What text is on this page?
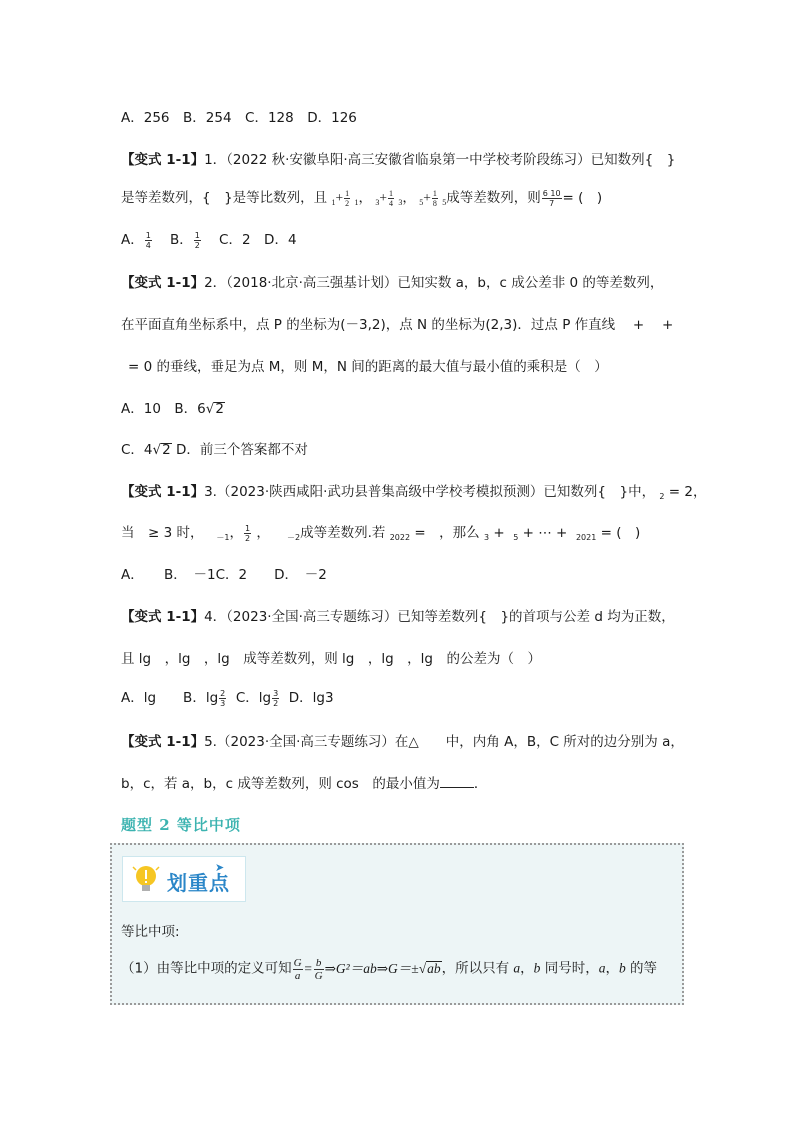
A．256　B．254　C．128　D．126
【变式 1-1】1．（2022 秋·安徽阜阳·高三安徽省临泉第一中学校考阶段练习）已知数列{　}
是等差数列，{　}是等比数列，且 $_1+ \frac{1}{2} _1$， $_3+ \frac{1}{4} _3$， $_5+ \frac{1}{8} _5$成等差数列，则 $\frac{6 10}{7}$ = (　)
A． $\frac{1}{4}$ B． $\frac{1}{2}$ C．2　D．4
【变式 1-1】2．（2018·北京·高三强基计划）已知实数 a，b，c 成公差非 0 的等差数列，
在平面直角坐标系中，点 P 的坐标为(－3,2)，点 N 的坐标为(2,3)．过点 P 作直线　 +　 +
= 0 的垂线，垂足为点 M，则 M，N 间的距离的最大值与最小值的乘积是（　）
A．10　B．6√2
C．4√2 D．前三个答案都不对
【变式 1-1】3.（2023·陕西咸阳·武功县普集高级中学校考模拟预测）已知数列{　}中， $_2$ = 2，
当　≥ 3 时， $_{-1}$， $\frac{1}{2}$ ，    $_{-2}$成等差数列.若 $_{2022}$ =　，那么 $_3$ +  $_5$ + ⋯ +  $_{2021}$ = (　)
A．　　B．　－1C．2　　D．　－2
【变式 1-1】4．（2023·全国·高三专题练习）已知等差数列{　}的首项与公差 d 均为正数，
且 lg　，lg　，lg　成等差数列，则 lg　，lg　，lg　的公差为（　）
A．lg　　B．$\lg \frac{2}{3}$ C．$\lg \frac{3}{2}$ D．lg3
【变式 1-1】5.（2023·全国·高三专题练习）在△　　中，内角 A，B，C 所对的边分别为 a，
b，c，若 a，b，c 成等差数列，则 cos　的最小值为	．
题型 2 等比中项
划重点
➤
等比中项:
（1）由等比中项的定义可知 $\frac{G}{a} = \frac{b}{G}$ ⇒G²＝ab⇒G＝±√ab，所以只有 a，b 同号时，a，b 的等
